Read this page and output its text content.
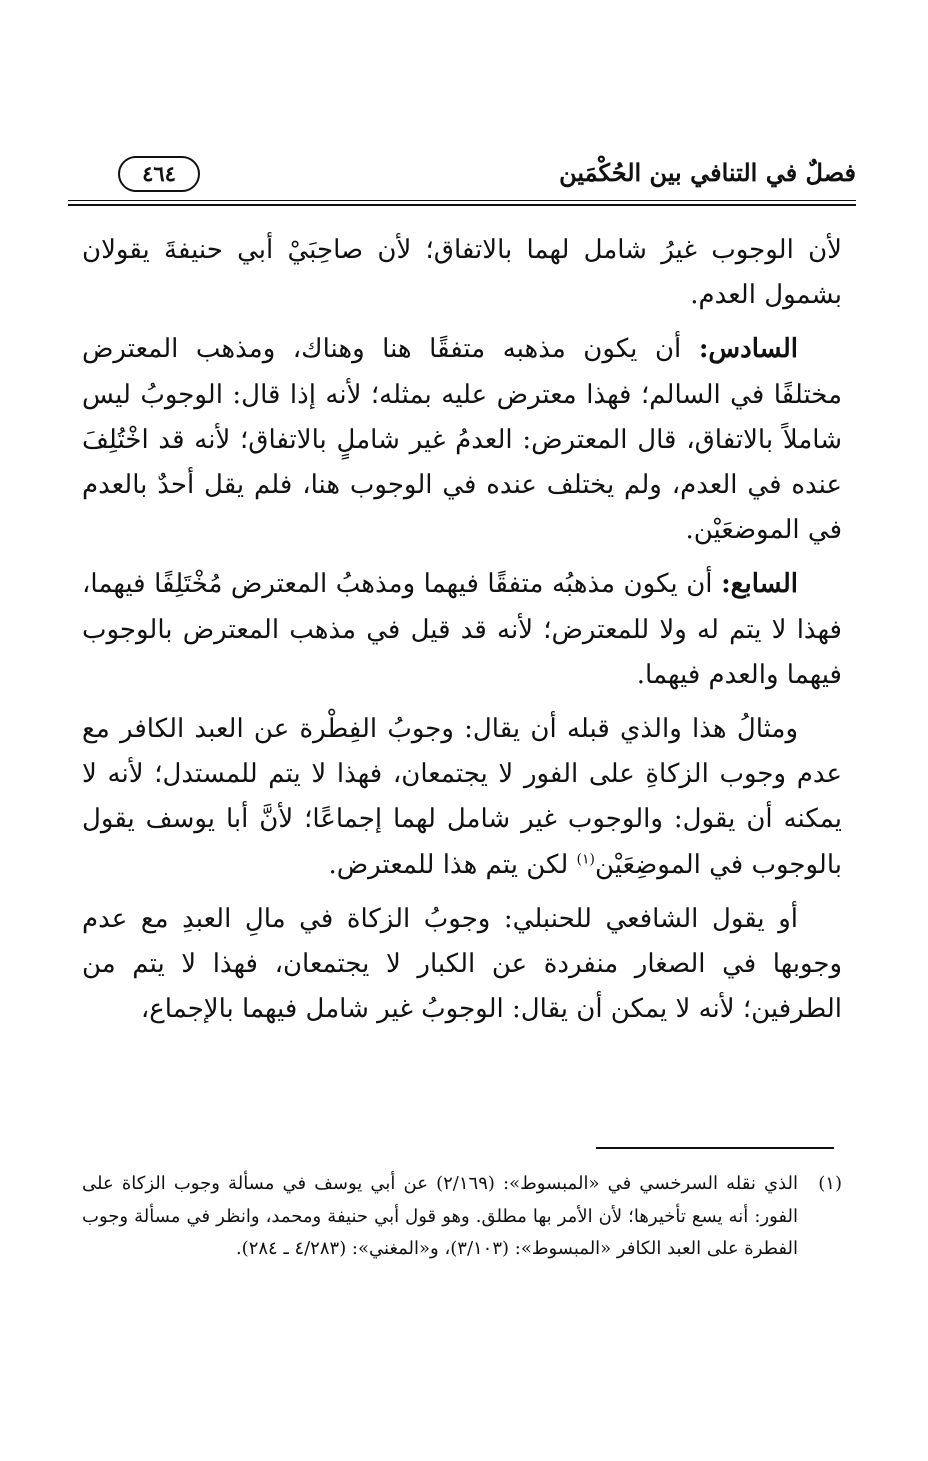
فصلٌ في التنافي بين الحُكْمَين
٤٦٤

لأن الوجوب غيرُ شامل لهما بالاتفاق؛ لأن صاحِبَيْ أبي حنيفةَ يقولان بشمول العدم.

السادس: أن يكون مذهبه متفقًا هنا وهناك، ومذهب المعترض مختلفًا في السالم؛ فهذا معترض عليه بمثله؛ لأنه إذا قال: الوجوبُ ليس شاملاً بالاتفاق، قال المعترض: العدمُ غير شاملٍ بالاتفاق؛ لأنه قد اخْتُلِفَ عنده في العدم، ولم يختلف عنده في الوجوب هنا، فلم يقل أحدٌ بالعدم في الموضعَيْن.

السابع: أن يكون مذهبُه متفقًا فيهما ومذهبُ المعترض مُخْتَلِفًا فيهما، فهذا لا يتم له ولا للمعترض؛ لأنه قد قيل في مذهب المعترض بالوجوب فيهما والعدم فيهما.

ومثالُ هذا والذي قبله أن يقال: وجوبُ الفِطْرة عن العبد الكافر مع عدم وجوب الزكاةِ على الفور لا يجتمعان، فهذا لا يتم للمستدل؛ لأنه لا يمكنه أن يقول: والوجوب غير شامل لهما إجماعًا؛ لأنَّ أبا يوسف يقول بالوجوب في الموضِعَيْن$^{(١)}$ لكن يتم هذا للمعترض.

أو يقول الشافعي للحنبلي: وجوبُ الزكاة في مالِ العبدِ مع عدم وجوبها في الصغار منفردة عن الكبار لا يجتمعان، فهذا لا يتم من الطرفين؛ لأنه لا يمكن أن يقال: الوجوبُ غير شامل فيهما بالإجماع،

(١)
الذي نقله السرخسي في «المبسوط»: (٢/١٦٩) عن أبي يوسف في مسألة وجوب الزكاة على الفور: أنه يسع تأخيرها؛ لأن الأمر بها مطلق. وهو قول أبي حنيفة ومحمد، وانظر في مسألة وجوب الفطرة على العبد الكافر «المبسوط»: (٣/١٠٣)، و«المغني»: (٤/٢٨٣ ـ ٢٨٤).
